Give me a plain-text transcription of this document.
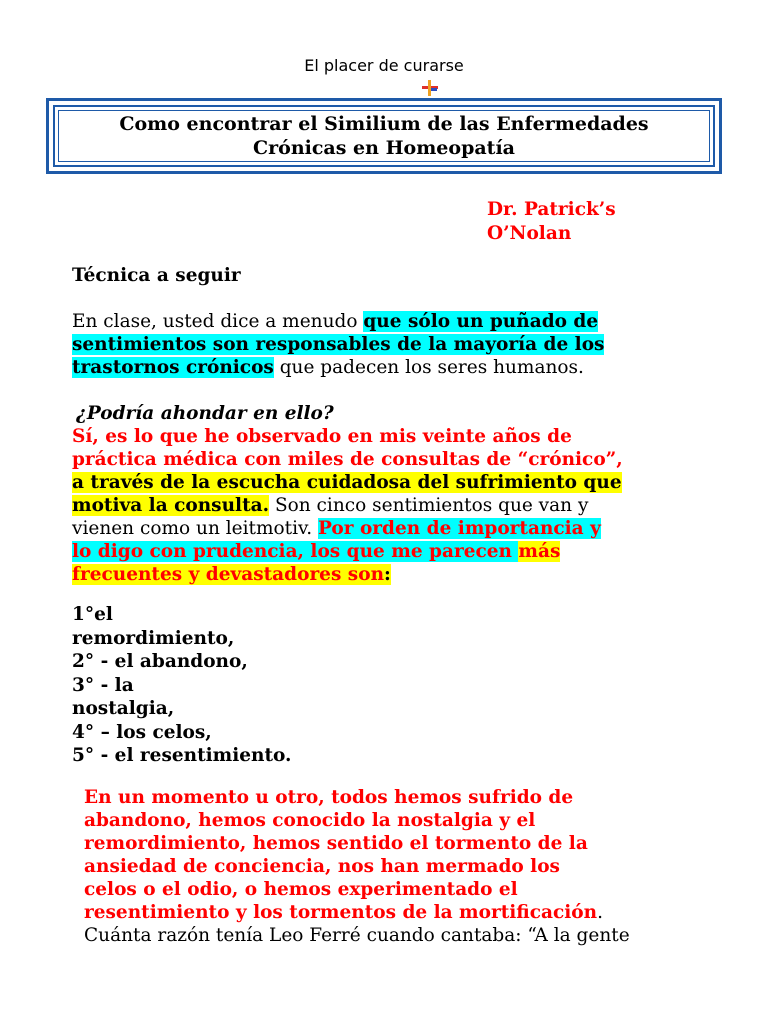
El placer de curarse
Como encontrar el Similium de las Enfermedades
Crónicas en Homeopatía
Dr. Patrick’s
O’Nolan
Técnica a seguir
En clase, usted dice a menudo que sólo un puñado de
sentimientos son responsables de la mayoría de los
trastornos crónicos que padecen los seres humanos.
¿Podría ahondar en ello?
Sí, es lo que he observado en mis veinte años de
práctica médica con miles de consultas de “crónico”,
a través de la escucha cuidadosa del sufrimiento que
motiva la consulta. Son cinco sentimientos que van y
vienen como un leitmotiv. Por orden de importancia y
lo digo con prudencia, los que me parecen más
frecuentes y devastadores son:
1°el
remordimiento,
2° - el abandono,
3° - la
nostalgia,
4° – los celos,
5° - el resentimiento.
En un momento u otro, todos hemos sufrido de
abandono, hemos conocido la nostalgia y el
remordimiento, hemos sentido el tormento de la
ansiedad de conciencia, nos han mermado los
celos o el odio, o hemos experimentado el
resentimiento y los tormentos de la mortificación.
Cuánta razón tenía Leo Ferré cuando cantaba: “A la gente
